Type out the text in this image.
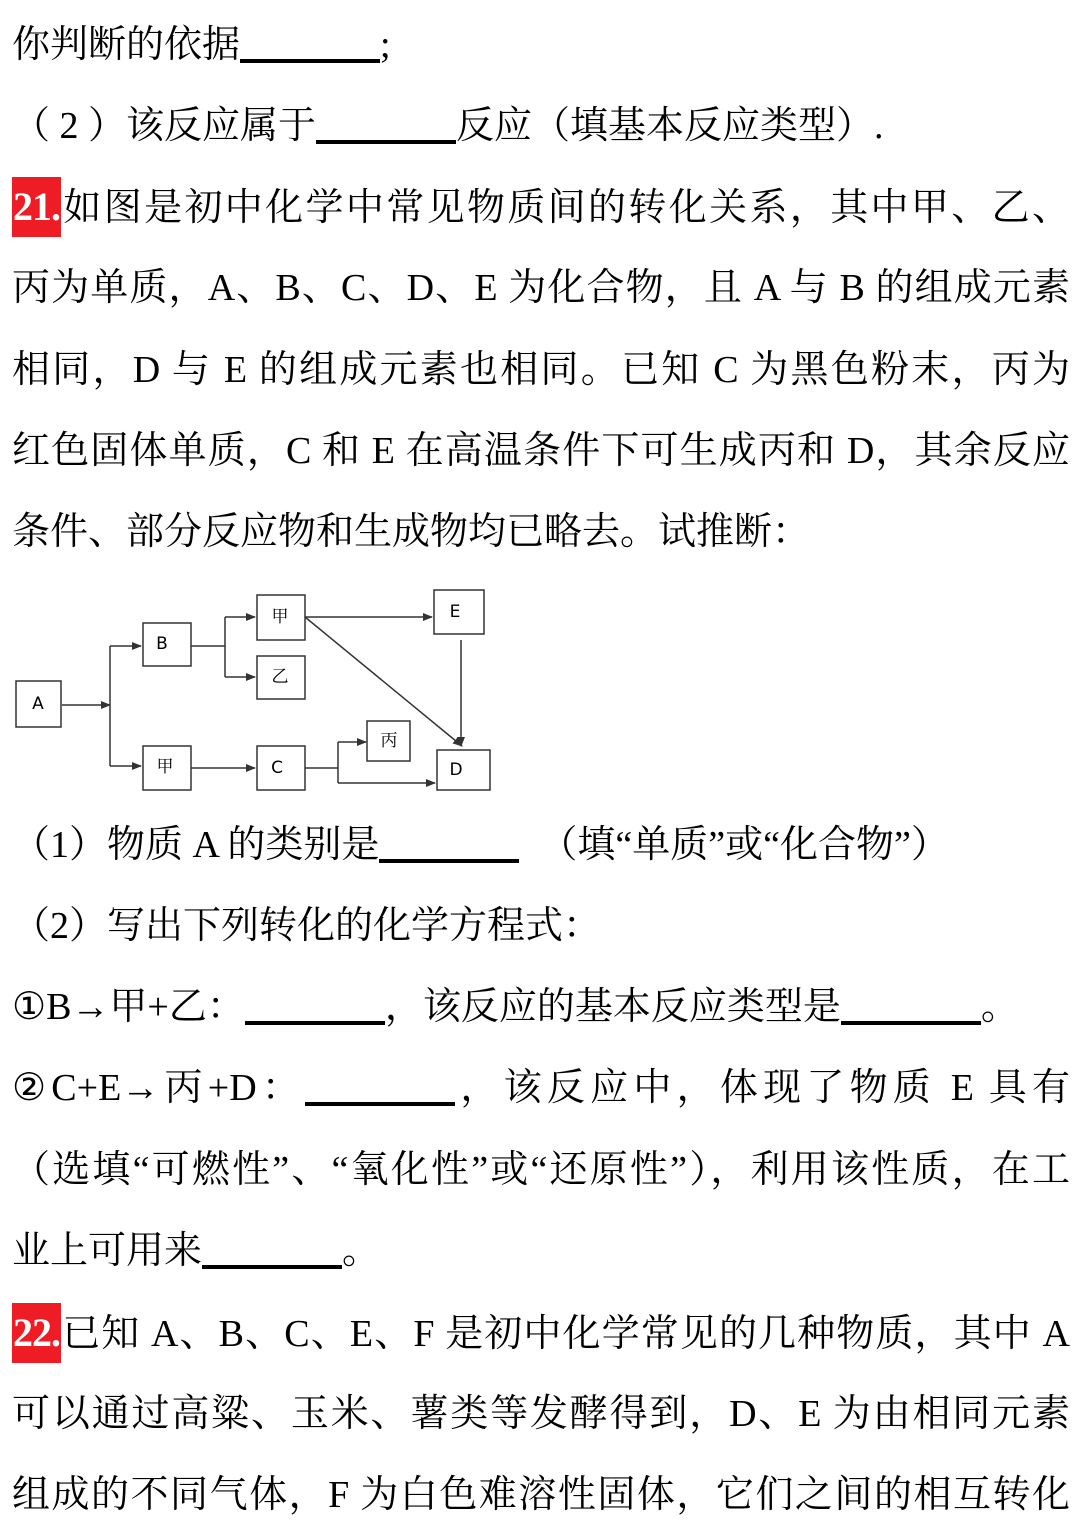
你判断的依据	;
（ 2 ）该反应属于	反应（填基本反应类型）.
21.如图是初中化学中常见物质间的转化关系，其中甲、乙、
丙为单质，A、B、C、D、E 为化合物，且 A 与 B 的组成元素
相同，D 与 E 的组成元素也相同。已知 C 为黑色粉末，丙为
红色固体单质，C 和 E 在高温条件下可生成丙和 D，其余反应
条件、部分反应物和生成物均已略去。试推断：
A
B
甲
乙
E
甲	C
丙
D
（1）物质 A 的类别是	（填“单质”或“化合物”）
（2）写出下列转化的化学方程式：
①B→甲+乙：	，该反应的基本反应类型是	。
②C+E→丙+D：	，该反应中，体现了物质 E 具有
（选填“可燃性”、“氧化性”或“还原性”），利用该性质，在工
业上可用来	。
22.已知 A、B、C、E、F 是初中化学常见的几种物质，其中 A
可以通过高粱、玉米、薯类等发酵得到，D、E 为由相同元素
组成的不同气体，F 为白色难溶性固体，它们之间的相互转化
